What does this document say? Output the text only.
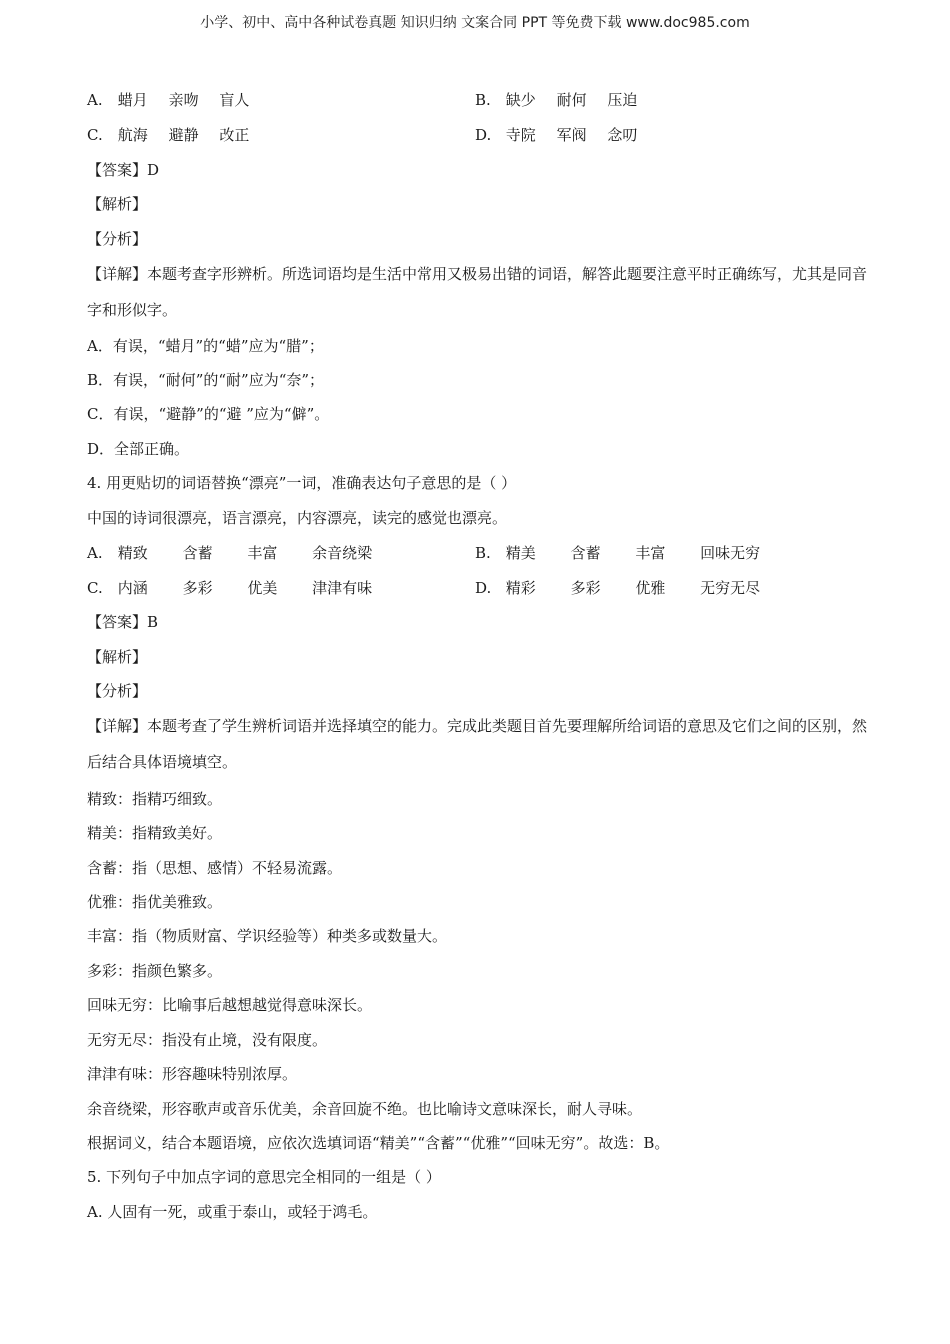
小学、初中、高中各种试卷真题 知识归纳 文案合同 PPT 等免费下载 www.doc985.com
A. 蜡月 亲吻 盲人	B. 缺少 耐何 压迫
C. 航海 避静 改正	D. 寺院 军阀 念叨
【答案】D
【解析】
【分析】
【详解】本题考查字形辨析。所选词语均是生活中常用又极易出错的词语，解答此题要注意平时正确练写，尤其是同音字和形似字。
A．有误，“蜡月”的“蜡”应为“腊”；
B．有误，“耐何”的“耐”应为“奈”；
C．有误，“避静”的“避 ”应为“僻”。
D．全部正确。
4. 用更贴切的词语替换“漂亮”一词，准确表达句子意思的是（ ）
中国的诗词很漂亮，语言漂亮，内容漂亮，读完的感觉也漂亮。
A. 精致 含蓄 丰富 余音绕梁	B. 精美 含蓄 丰富 回味无穷
C. 内涵 多彩 优美 津津有味	D. 精彩 多彩 优雅 无穷无尽
【答案】B
【解析】
【分析】
【详解】本题考查了学生辨析词语并选择填空的能力。完成此类题目首先要理解所给词语的意思及它们之间的区别，然后结合具体语境填空。
精致：指精巧细致。
精美：指精致美好。
含蓄：指（思想、感情）不轻易流露。
优雅：指优美雅致。
丰富：指（物质财富、学识经验等）种类多或数量大。
多彩：指颜色繁多。
回味无穷：比喻事后越想越觉得意味深长。
无穷无尽：指没有止境，没有限度。
津津有味：形容趣味特别浓厚。
余音绕梁，形容歌声或音乐优美，余音回旋不绝。也比喻诗文意味深长，耐人寻味。
根据词义，结合本题语境，应依次选填词语“精美”“含蓄”“优雅”“回味无穷”。故选：B。
5. 下列句子中加点字词的意思完全相同的一组是（ ）
A. 人固有一死，或重于泰山，或轻于鸿毛。
